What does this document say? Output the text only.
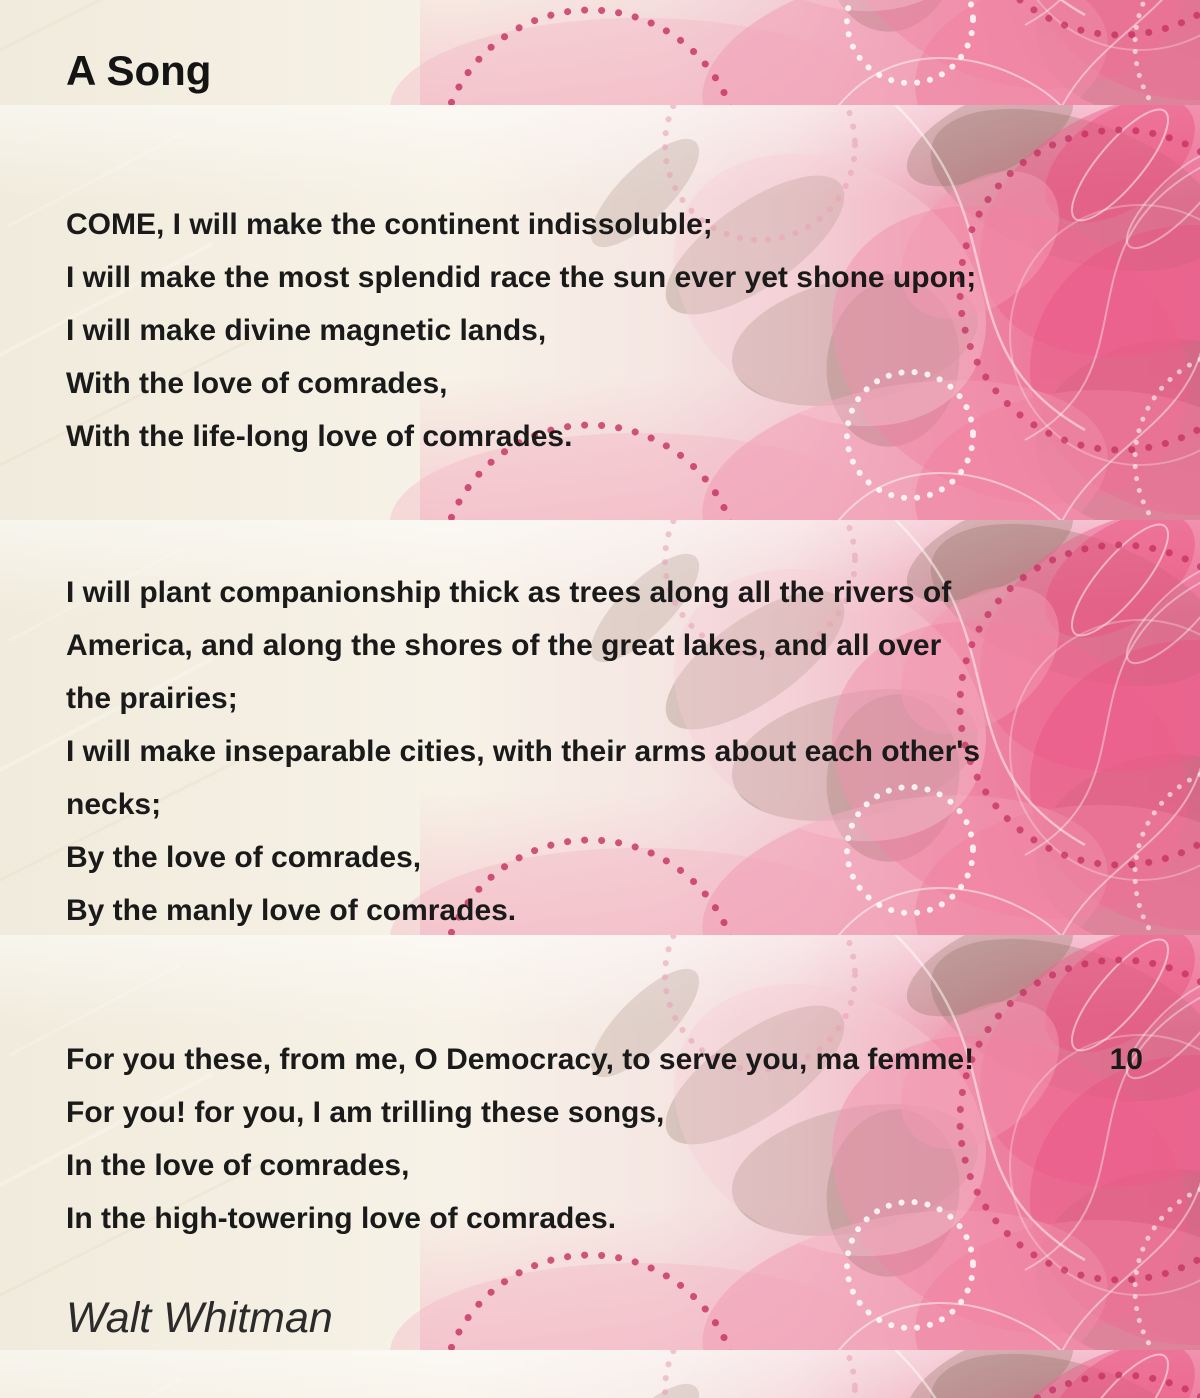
A Song
COME, I will make the continent indissoluble;
I will make the most splendid race the sun ever yet shone upon;
I will make divine magnetic lands,
With the love of comrades,
With the life-long love of comrades.
I will plant companionship thick as trees along all the rivers of
America, and along the shores of the great lakes, and all over
the prairies;
I will make inseparable cities, with their arms about each other's
necks;
By the love of comrades,
By the manly love of comrades.
For you these, from me, O Democracy, to serve you, ma femme!
For you! for you, I am trilling these songs,
In the love of comrades,
In the high-towering love of comrades.
10
Walt Whitman
